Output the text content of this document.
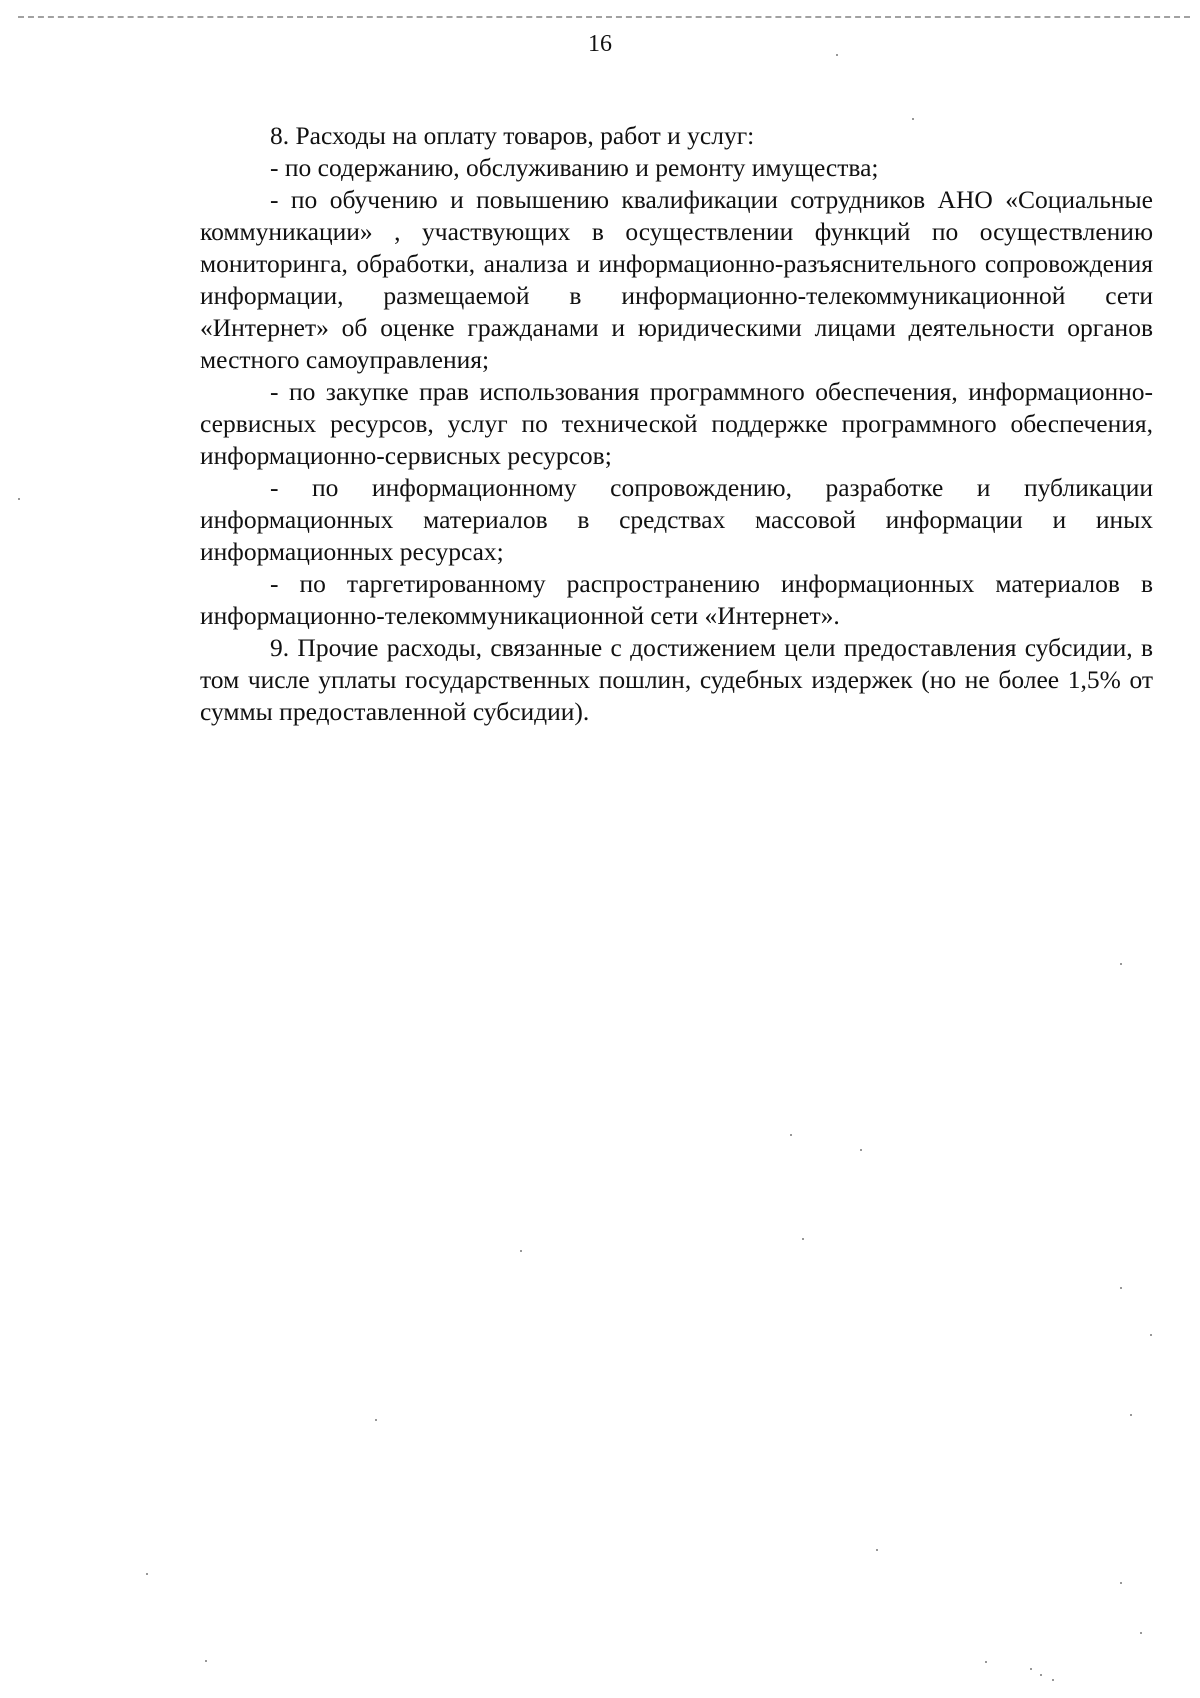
16

8. Расходы на оплату товаров, работ и услуг:

- по содержанию, обслуживанию и ремонту имущества;

- по обучению и повышению квалификации сотрудников АНО «Социальные коммуникации» , участвующих в осуществлении функций по осуществлению мониторинга, обработки, анализа и информационно-разъяснительного сопровождения информации, размещаемой в информационно-телекоммуникационной сети «Интернет» об оценке гражданами и юридическими лицами деятельности органов местного самоуправления;

- по закупке прав использования программного обеспечения, информационно-сервисных ресурсов, услуг по технической поддержке программного обеспечения, информационно-сервисных ресурсов;

- по информационному сопровождению, разработке и публикации информационных материалов в средствах массовой информации и иных информационных ресурсах;

- по таргетированному распространению информационных материалов в информационно-телекоммуникационной сети «Интернет».

9. Прочие расходы, связанные с достижением цели предоставления субсидии, в том числе уплаты государственных пошлин, судебных издержек (но не более 1,5% от суммы предоставленной субсидии).
